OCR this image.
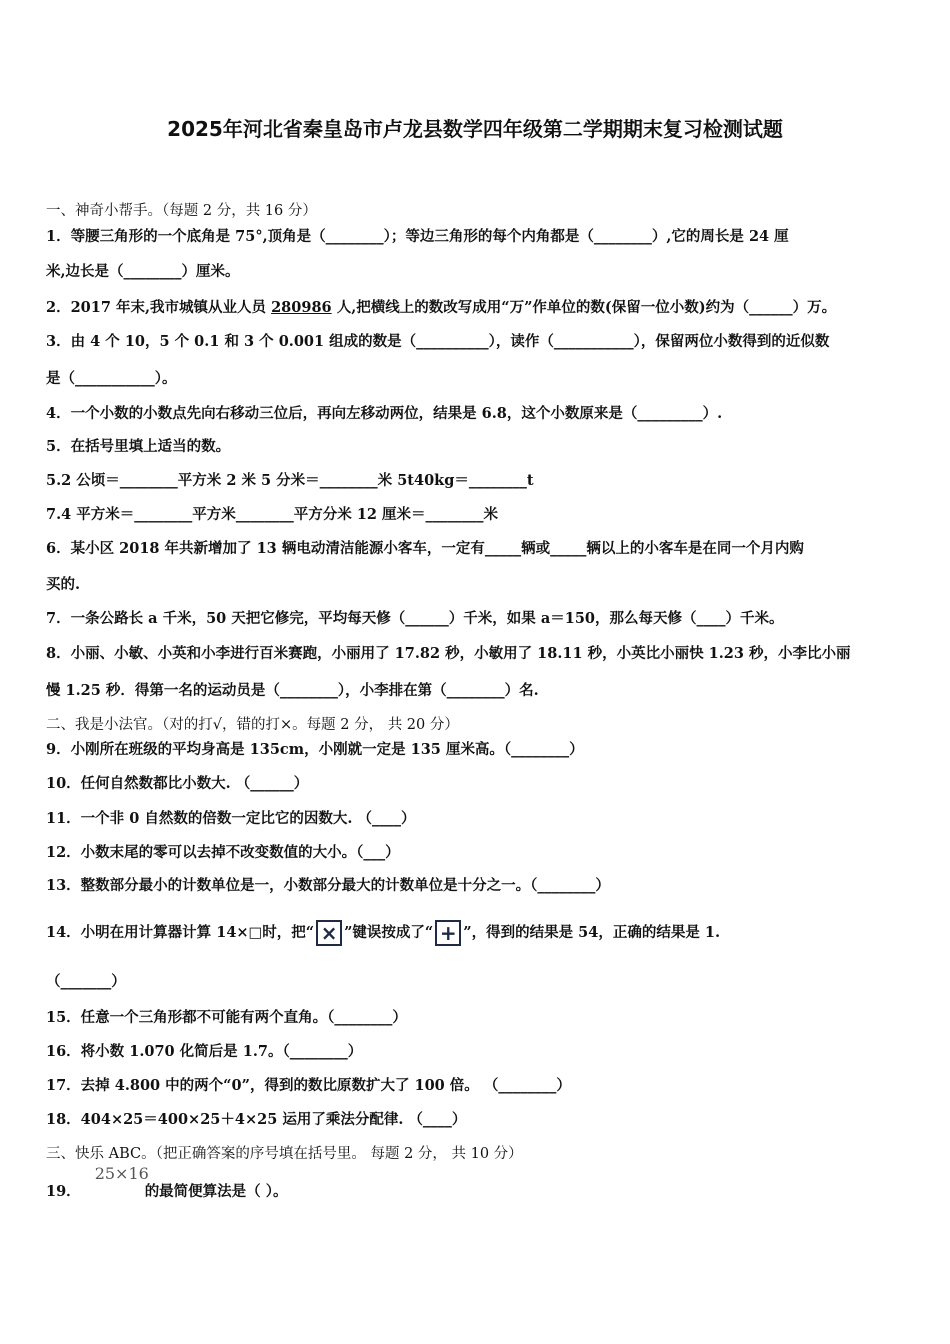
2025年河北省秦皇岛市卢龙县数学四年级第二学期期末复习检测试题
一、神奇小帮手。（每题 2 分，共 16 分）
1．等腰三角形的一个底角是 75°,顶角是（________）；等边三角形的每个内角都是（________）,它的周长是 24 厘
米,边长是（________）厘米。
2．2017 年末,我市城镇从业人员 280986 人,把横线上的数改写成用“万”作单位的数(保留一位小数)约为（______）万。
3．由 4 个 10，5 个 0.1 和 3 个 0.001 组成的数是（__________），读作（___________），保留两位小数得到的近似数
是（___________）。
4．一个小数的小数点先向右移动三位后，再向左移动两位，结果是 6.8，这个小数原来是（_________）.
5．在括号里填上适当的数。
5.2 公顷＝________平方米 2 米 5 分米＝________米 5t40kg＝________t
7.4 平方米＝________平方米________平方分米 12 厘米＝________米
6．某小区 2018 年共新增加了 13 辆电动清洁能源小客车，一定有_____辆或_____辆以上的小客车是在同一个月内购
买的.
7．一条公路长 a 千米，50 天把它修完，平均每天修（______）千米，如果 a＝150，那么每天修（____）千米。
8．小丽、小敏、小英和小李进行百米赛跑，小丽用了 17.82 秒，小敏用了 18.11 秒，小英比小丽快 1.23 秒，小李比小丽
慢 1.25 秒．得第一名的运动员是（________），小李排在第（________）名.
二、我是小法官。（对的打√，错的打×。每题 2 分， 共 20 分）
9．小刚所在班级的平均身高是 135cm，小刚就一定是 135 厘米高。（________）
10．任何自然数都比小数大. （______）
11．一个非 0 自然数的倍数一定比它的因数大. （____）
12．小数末尾的零可以去掉不改变数值的大小。（___）
13．整数部分最小的计数单位是一，小数部分最大的计数单位是十分之一。（________）
14．小明在用计算器计算 14×□时，把“ × ”键误按成了“ + ”，得到的结果是 54，正确的结果是 1.
（_______）
15．任意一个三角形都不可能有两个直角。（________）
16．将小数 1.070 化简后是 1.7。（________）
17．去掉 4.800 中的两个“0”，得到的数比原数扩大了 100 倍。 （________）
18．404×25＝400×25＋4×25 运用了乘法分配律. （____）
三、快乐 ABC。（把正确答案的序号填在括号里。 每题 2 分， 共 10 分）
19．
25×16
的最简便算法是（ ）。
